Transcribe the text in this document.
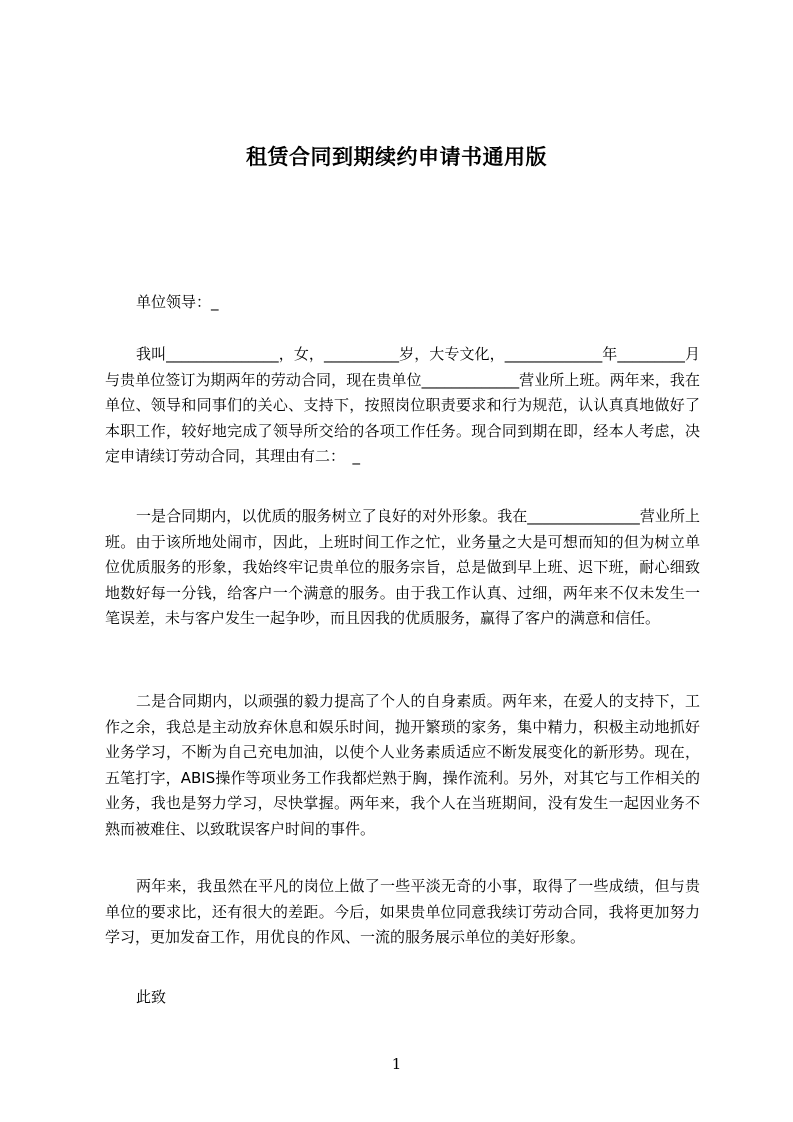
租赁合同到期续约申请书通用版

单位领导：_

我叫_______________，女，__________岁，大专文化，_____________年_________月与贵单位签订为期两年的劳动合同，现在贵单位_____________营业所上班。两年来，我在单位、领导和同事们的关心、支持下，按照岗位职责要求和行为规范，认认真真地做好了本职工作，较好地完成了领导所交给的各项工作任务。现合同到期在即，经本人考虑，决定申请续订劳动合同，其理由有二：　_

一是合同期内，以优质的服务树立了良好的对外形象。我在_______________营业所上班。由于该所地处闹市，因此，上班时间工作之忙，业务量之大是可想而知的但为树立单位优质服务的形象，我始终牢记贵单位的服务宗旨，总是做到早上班、迟下班，耐心细致地数好每一分钱，给客户一个满意的服务。由于我工作认真、过细，两年来不仅未发生一笔误差，未与客户发生一起争吵，而且因我的优质服务，赢得了客户的满意和信任。

二是合同期内，以顽强的毅力提高了个人的自身素质。两年来，在爱人的支持下，工作之余，我总是主动放弃休息和娱乐时间，抛开繁琐的家务，集中精力，积极主动地抓好业务学习，不断为自己充电加油，以使个人业务素质适应不断发展变化的新形势。现在，五笔打字，ABIS操作等项业务工作我都烂熟于胸，操作流利。另外，对其它与工作相关的业务，我也是努力学习，尽快掌握。两年来，我个人在当班期间，没有发生一起因业务不熟而被难住、以致耽误客户时间的事件。

两年来，我虽然在平凡的岗位上做了一些平淡无奇的小事，取得了一些成绩，但与贵单位的要求比，还有很大的差距。今后，如果贵单位同意我续订劳动合同，我将更加努力学习，更加发奋工作，用优良的作风、一流的服务展示单位的美好形象。

此致

1
